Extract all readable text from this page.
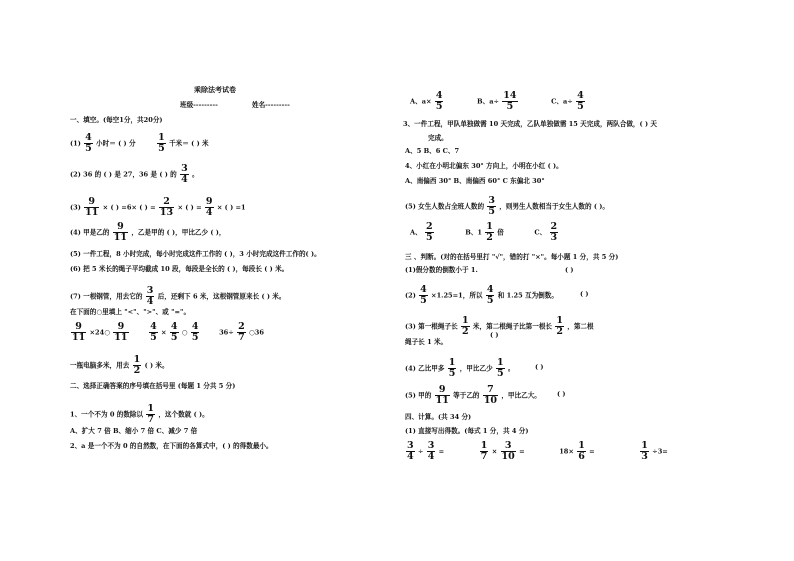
乘除法考试卷
班级---------	姓名---------
一、填空。(每空1分，共20分)
$(1) \frac{4}{5}$ 小时＝ ( ) 分 $\frac{1}{5}$ 千米＝ ( ) 米
(2) 36 的 ( ) 是 27，36 是 ( ) 的 $\frac{3}{4}$ 。
$(3) \frac{9}{11}$ × ( ) =6× ( ) = $\frac{2}{13}$ × ( ) = $\frac{9}{4}$ × ( ) =1
(4) 甲是乙的 $\frac{9}{11}$ ，乙是甲的 ( )，甲比乙少 ( )，
(5) 一件工程，8 小时完成，每小时完成这件工作的 ( )，3 小时完成这件工作的( )。
(6) 把 5 米长的绳子平均截成 10 段，每段是全长的 ( )，每段长 ( ) 米。
(7) 一根钢管，用去它的 $\frac{3}{4}$ 后，还剩下 6 米，这根钢管原来长 ( ) 米。
在下面的○里填上 "<"、">"、或 "="。
$\frac{9}{11}$ ×24○ $\frac{9}{11}$
$\frac{4}{5} \times \frac{4}{5}$ ○ $\frac{4}{5}$	$36\div \frac{2}{7}$ ○36
一瓶电脑多米，用去 $\frac{1}{2}$ ( ) 米。
二、选择正确答案的序号填在括号里 (每题 1 分共 5 分)
1、一个不为 0 的数除以 $\frac{1}{7}$ ，这个数就 ( )。
A、扩大 7 倍 B、缩小 7 倍 C、减少 7 倍
2、a 是一个不为 0 的自然数，在下面的各算式中，( ) 的得数最小。
A、$a\times \frac{4}{5}$	B、$a\div \frac{14}{5}$	C、$a\div \frac{4}{5}$
3、一件工程，甲队单独做需 10 天完成，乙队单独做需 15 天完成，两队合做，( ) 天
完成。
A、5 B、6 C、7
4、小红在小明北偏东 30° 方向上，小明在小红 ( )。
A、南偏西 30° B、南偏西 60° C 东偏北 30°
(5) 女生人数占全班人数的 $\frac{3}{5}$ ，则男生人数相当于女生人数的 ( )。
A、 $\frac{2}{5}$	B、$1 \frac{1}{2}$ 倍	C、 $\frac{2}{3}$
三 、判断。(对的在括号里打 "√"，错的打 "×"。每小题 1 分，共 5 分)
(1)假分数的倒数小于 1.	( )
$(2) \frac{4}{5} \times 1.25=1$，所以 $\frac{4}{5}$ 和 1.25 互为倒数。	( )
(3) 第一根绳子长 $\frac{1}{2}$ 米，第二根绳子比第一根长 $\frac{1}{2}$ ，第二根
绳子长 1 米。
( )
(4) 乙比甲多 $\frac{1}{5}$ ，甲比乙少 $\frac{1}{5}$ 。	( )
(5) 甲的 $\frac{9}{11}$ 等于乙的 $\frac{7}{10}$ ，甲比乙大。 ( )
四、计算。(共 34 分)
(1) 直接写出得数。(每式 1 分，共 4 分)
$\frac{3}{4} \div \frac{3}{4}$ =	$\frac{1}{7} \times \frac{3}{10}$ =	$18\times \frac{1}{6}$ =	$\frac{1}{3} \div 3=$
